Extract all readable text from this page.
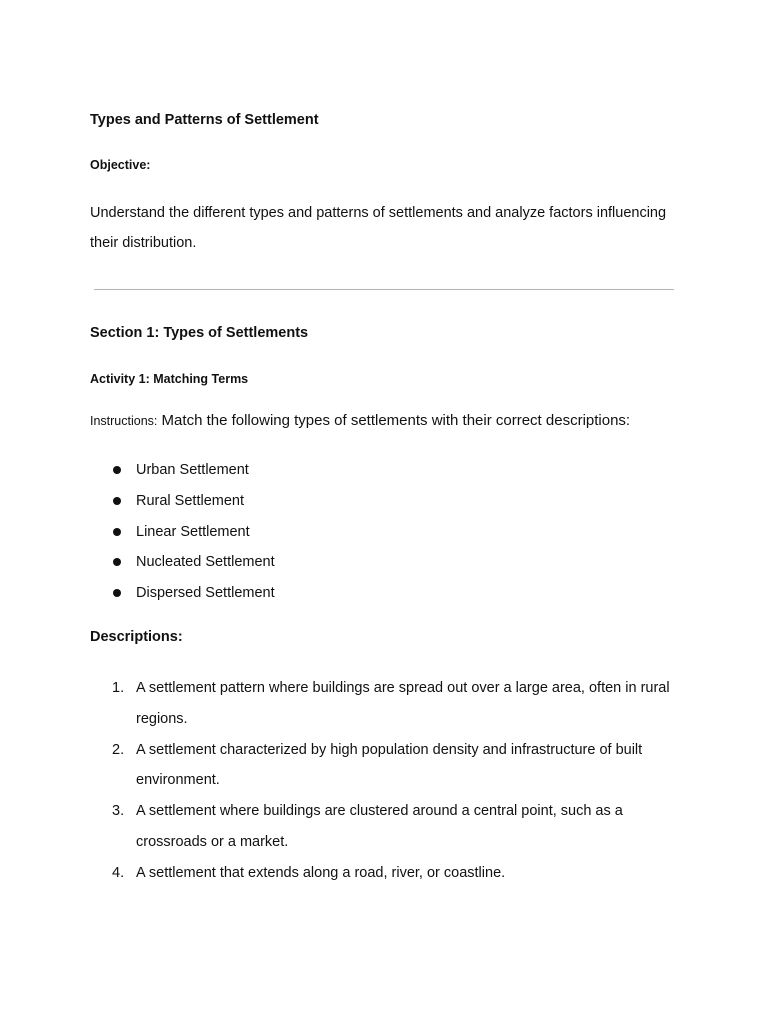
Types and Patterns of Settlement
Objective:
Understand the different types and patterns of settlements and analyze factors influencing their distribution.
Section 1: Types of Settlements
Activity 1: Matching Terms
Instructions: Match the following types of settlements with their correct descriptions:
Urban Settlement
Rural Settlement
Linear Settlement
Nucleated Settlement
Dispersed Settlement
Descriptions:
1. A settlement pattern where buildings are spread out over a large area, often in rural regions.
2. A settlement characterized by high population density and infrastructure of built environment.
3. A settlement where buildings are clustered around a central point, such as a crossroads or a market.
4. A settlement that extends along a road, river, or coastline.
